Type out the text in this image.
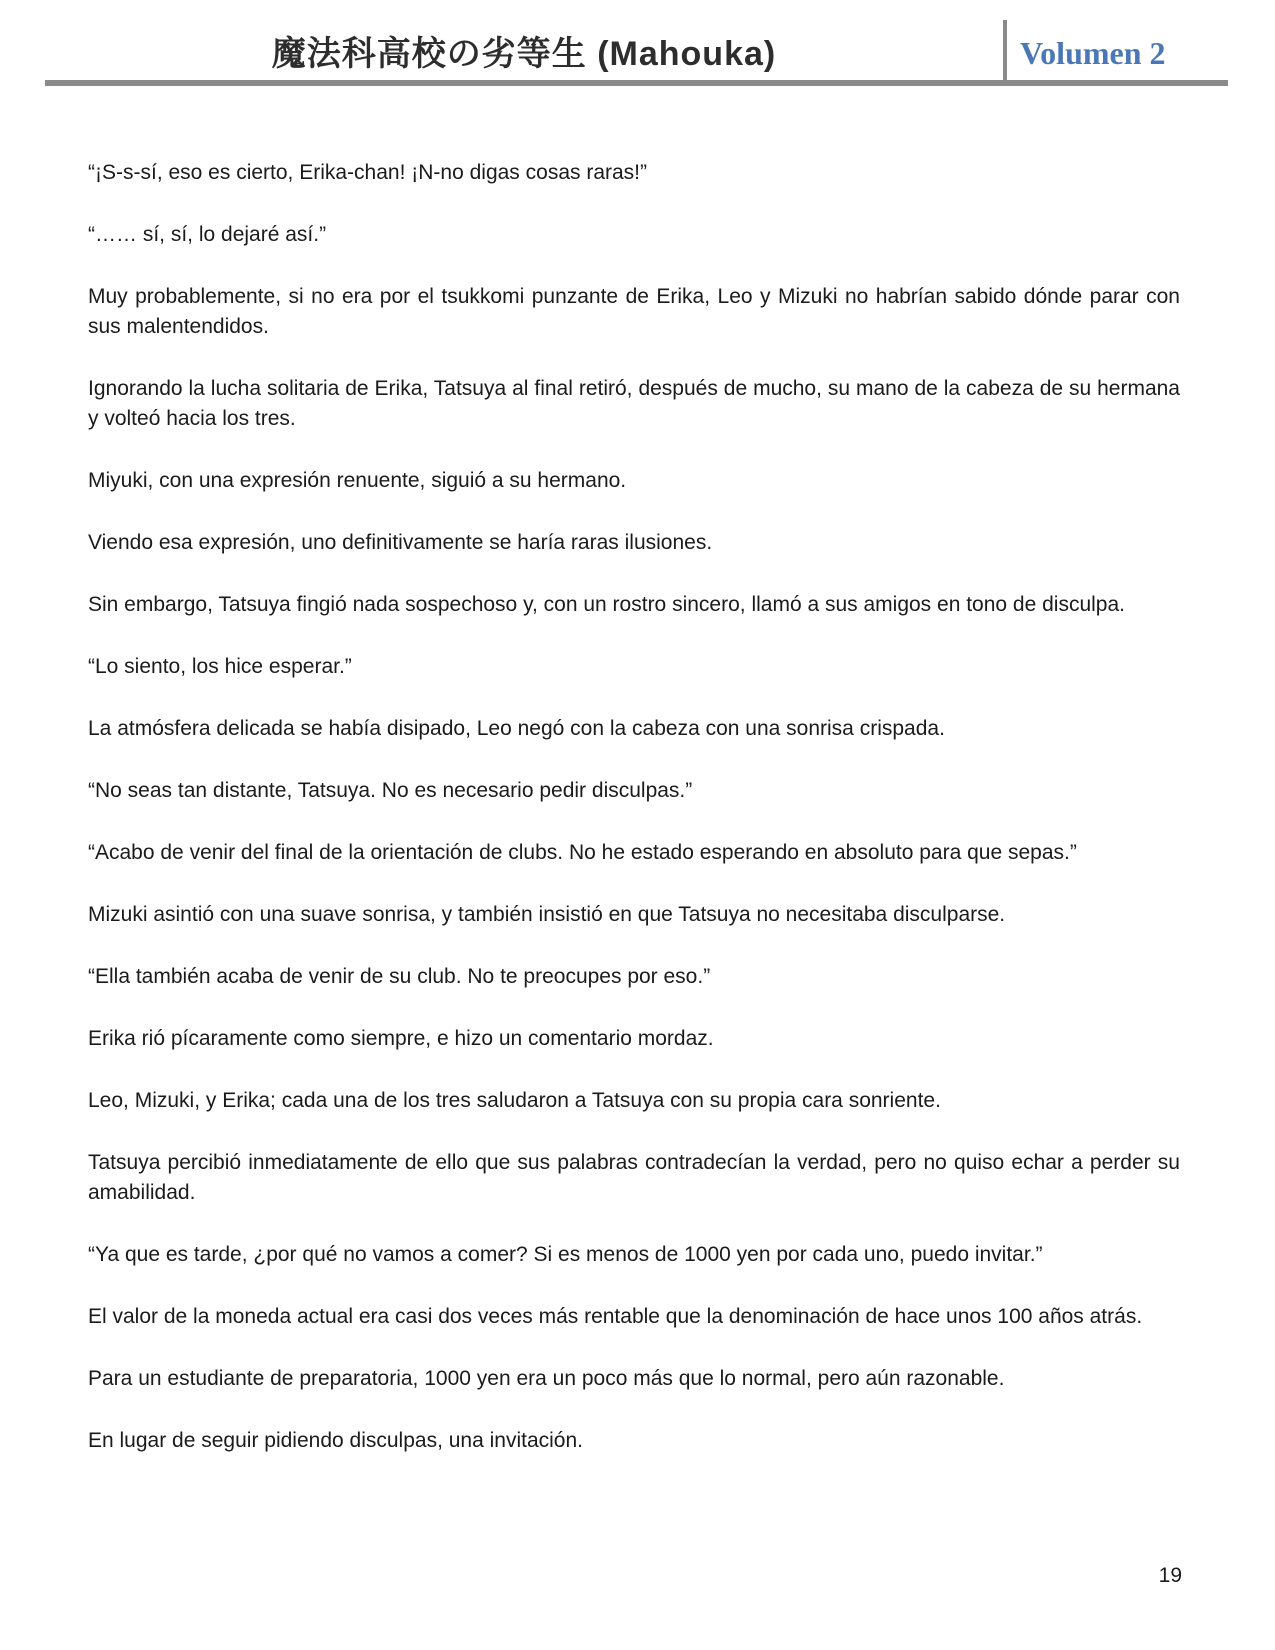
魔法科高校の劣等生 (Mahouka)	Volumen 2

“¡S-s-sí, eso es cierto, Erika-chan! ¡N-no digas cosas raras!”

“…… sí, sí, lo dejaré así.”

Muy probablemente, si no era por el tsukkomi punzante de Erika, Leo y Mizuki no habrían sabido dónde parar con sus malentendidos.

Ignorando la lucha solitaria de Erika, Tatsuya al final retiró, después de mucho, su mano de la cabeza de su hermana y volteó hacia los tres.

Miyuki, con una expresión renuente, siguió a su hermano.

Viendo esa expresión, uno definitivamente se haría raras ilusiones.

Sin embargo, Tatsuya fingió nada sospechoso y, con un rostro sincero, llamó a sus amigos en tono de disculpa.

“Lo siento, los hice esperar.”

La atmósfera delicada se había disipado, Leo negó con la cabeza con una sonrisa crispada.

“No seas tan distante, Tatsuya. No es necesario pedir disculpas.”

“Acabo de venir del final de la orientación de clubs. No he estado esperando en absoluto para que sepas.”

Mizuki asintió con una suave sonrisa, y también insistió en que Tatsuya no necesitaba disculparse.

“Ella también acaba de venir de su club. No te preocupes por eso.”

Erika rió pícaramente como siempre, e hizo un comentario mordaz.

Leo, Mizuki, y Erika; cada una de los tres saludaron a Tatsuya con su propia cara sonriente.

Tatsuya percibió inmediatamente de ello que sus palabras contradecían la verdad, pero no quiso echar a perder su amabilidad.

“Ya que es tarde, ¿por qué no vamos a comer? Si es menos de 1000 yen por cada uno, puedo invitar.”

El valor de la moneda actual era casi dos veces más rentable que la denominación de hace unos 100 años atrás.

Para un estudiante de preparatoria, 1000 yen era un poco más que lo normal, pero aún razonable.

En lugar de seguir pidiendo disculpas, una invitación.

19
